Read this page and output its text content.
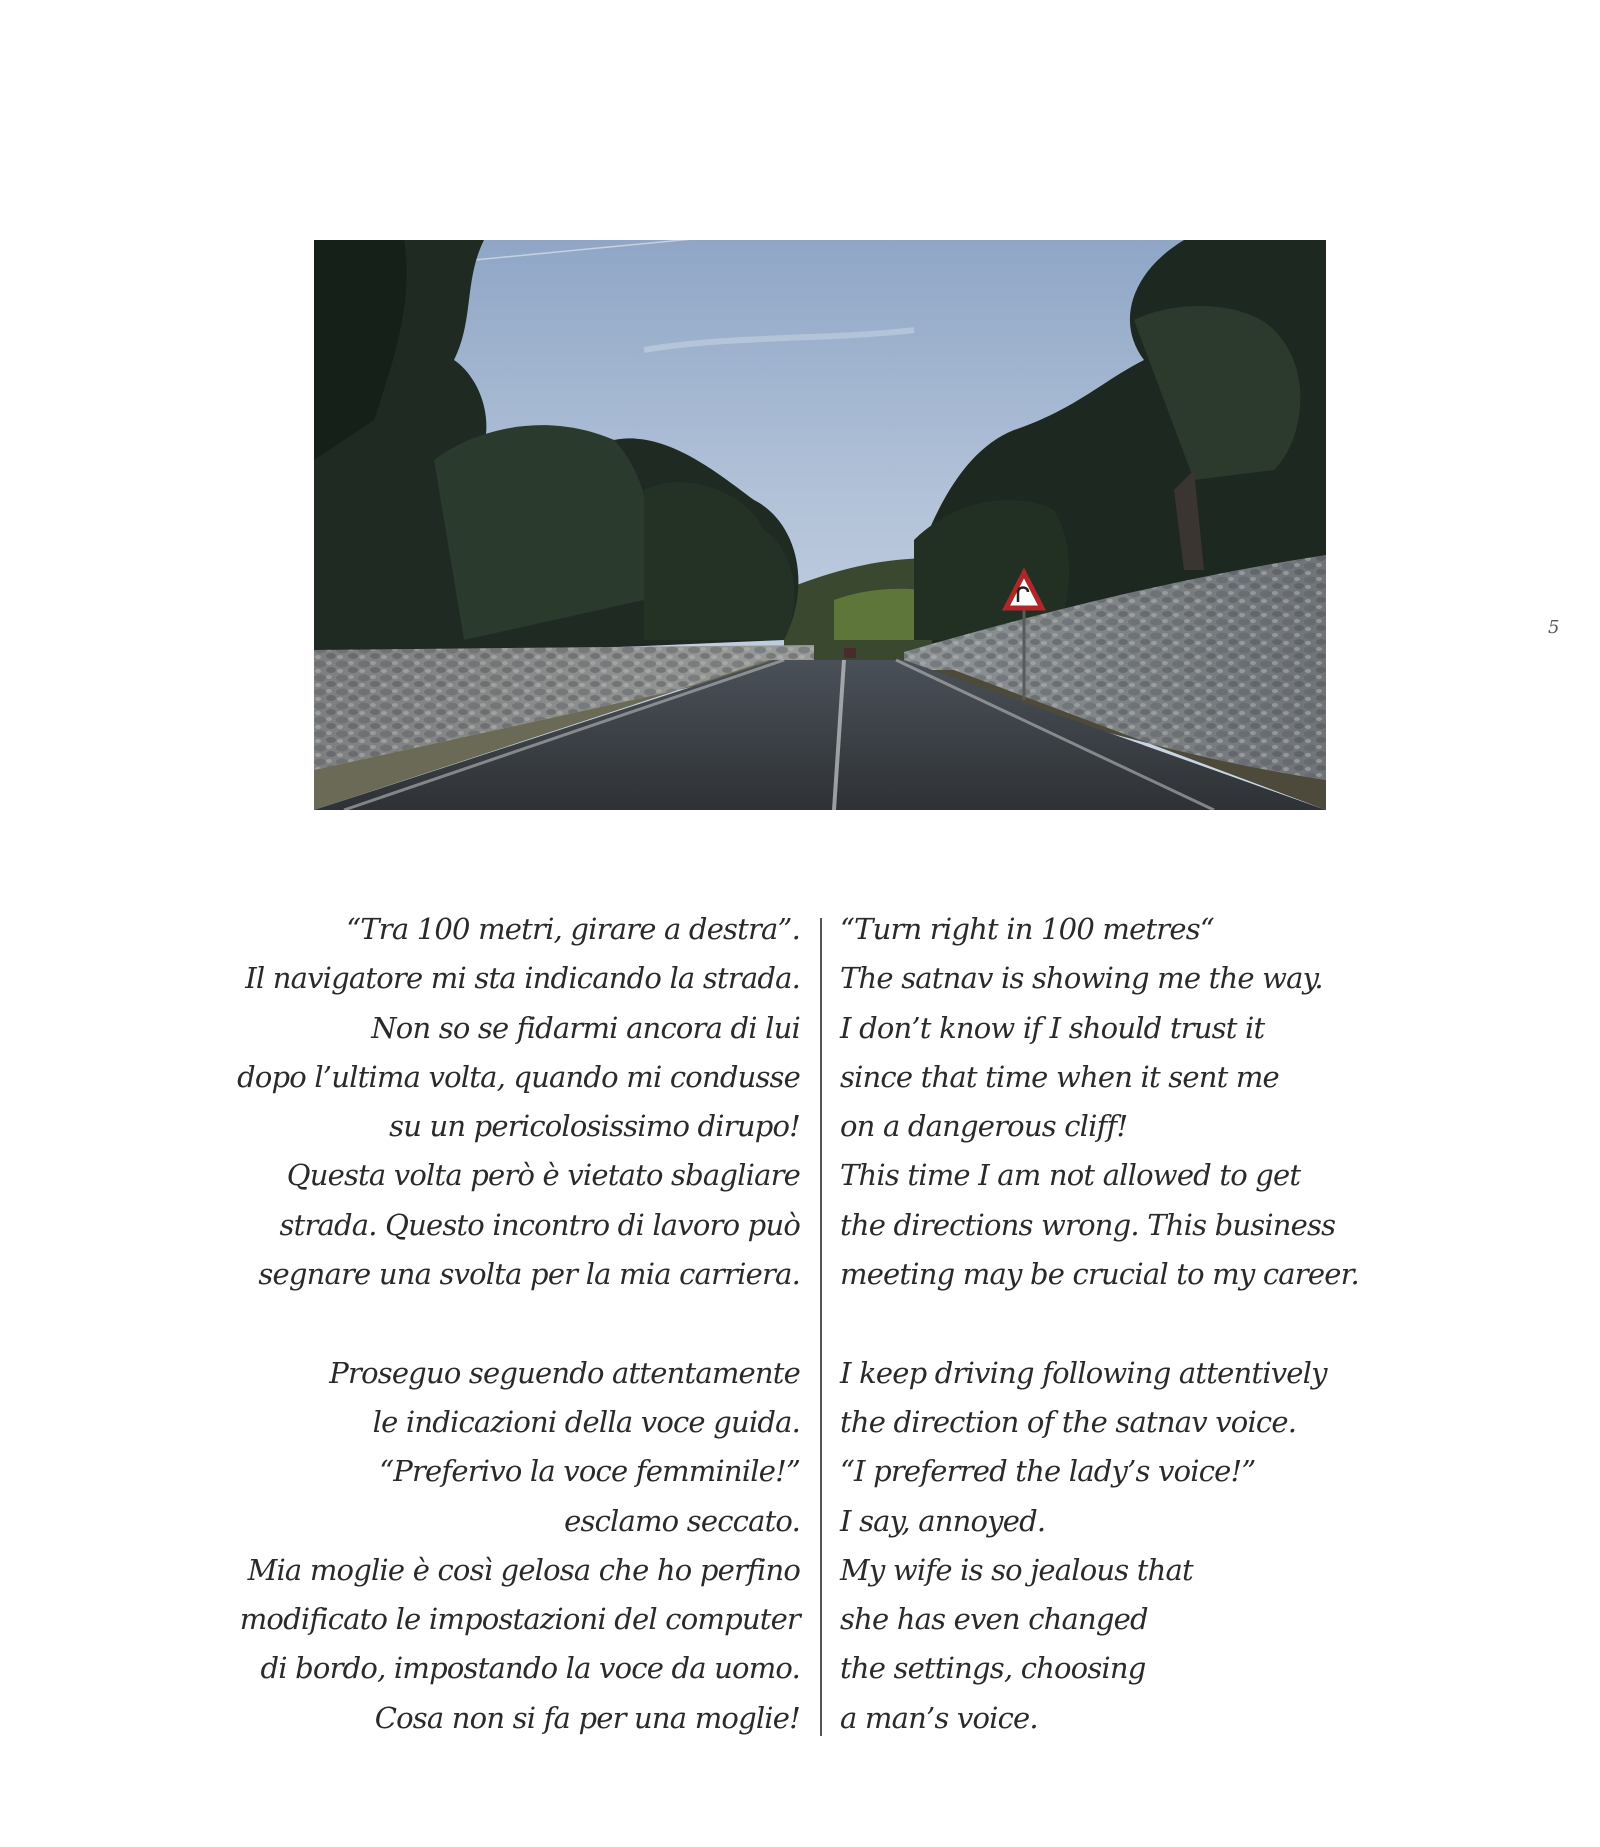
5

“Tra 100 metri, girare a destra”.
Il navigatore mi sta indicando la strada.
Non so se fidarmi ancora di lui
dopo l’ultima volta, quando mi condusse
su un pericolosissimo dirupo!
Questa volta però è vietato sbagliare
strada. Questo incontro di lavoro può
segnare una svolta per la mia carriera.
Proseguo seguendo attentamente
le indicazioni della voce guida.
“Preferivo la voce femminile!”
esclamo seccato.
Mia moglie è così gelosa che ho perfino
modificato le impostazioni del computer
di bordo, impostando la voce da uomo.
Cosa non si fa per una moglie!
“Turn right in 100 metres“
The satnav is showing me the way.
I don’t know if I should trust it
since that time when it sent me
on a dangerous cliff!
This time I am not allowed to get
the directions wrong. This business
meeting may be crucial to my career.
I keep driving following attentively
the direction of the satnav voice.
“I preferred the lady’s voice!”
I say, annoyed.
My wife is so jealous that
she has even changed
the settings, choosing
a man’s voice.
